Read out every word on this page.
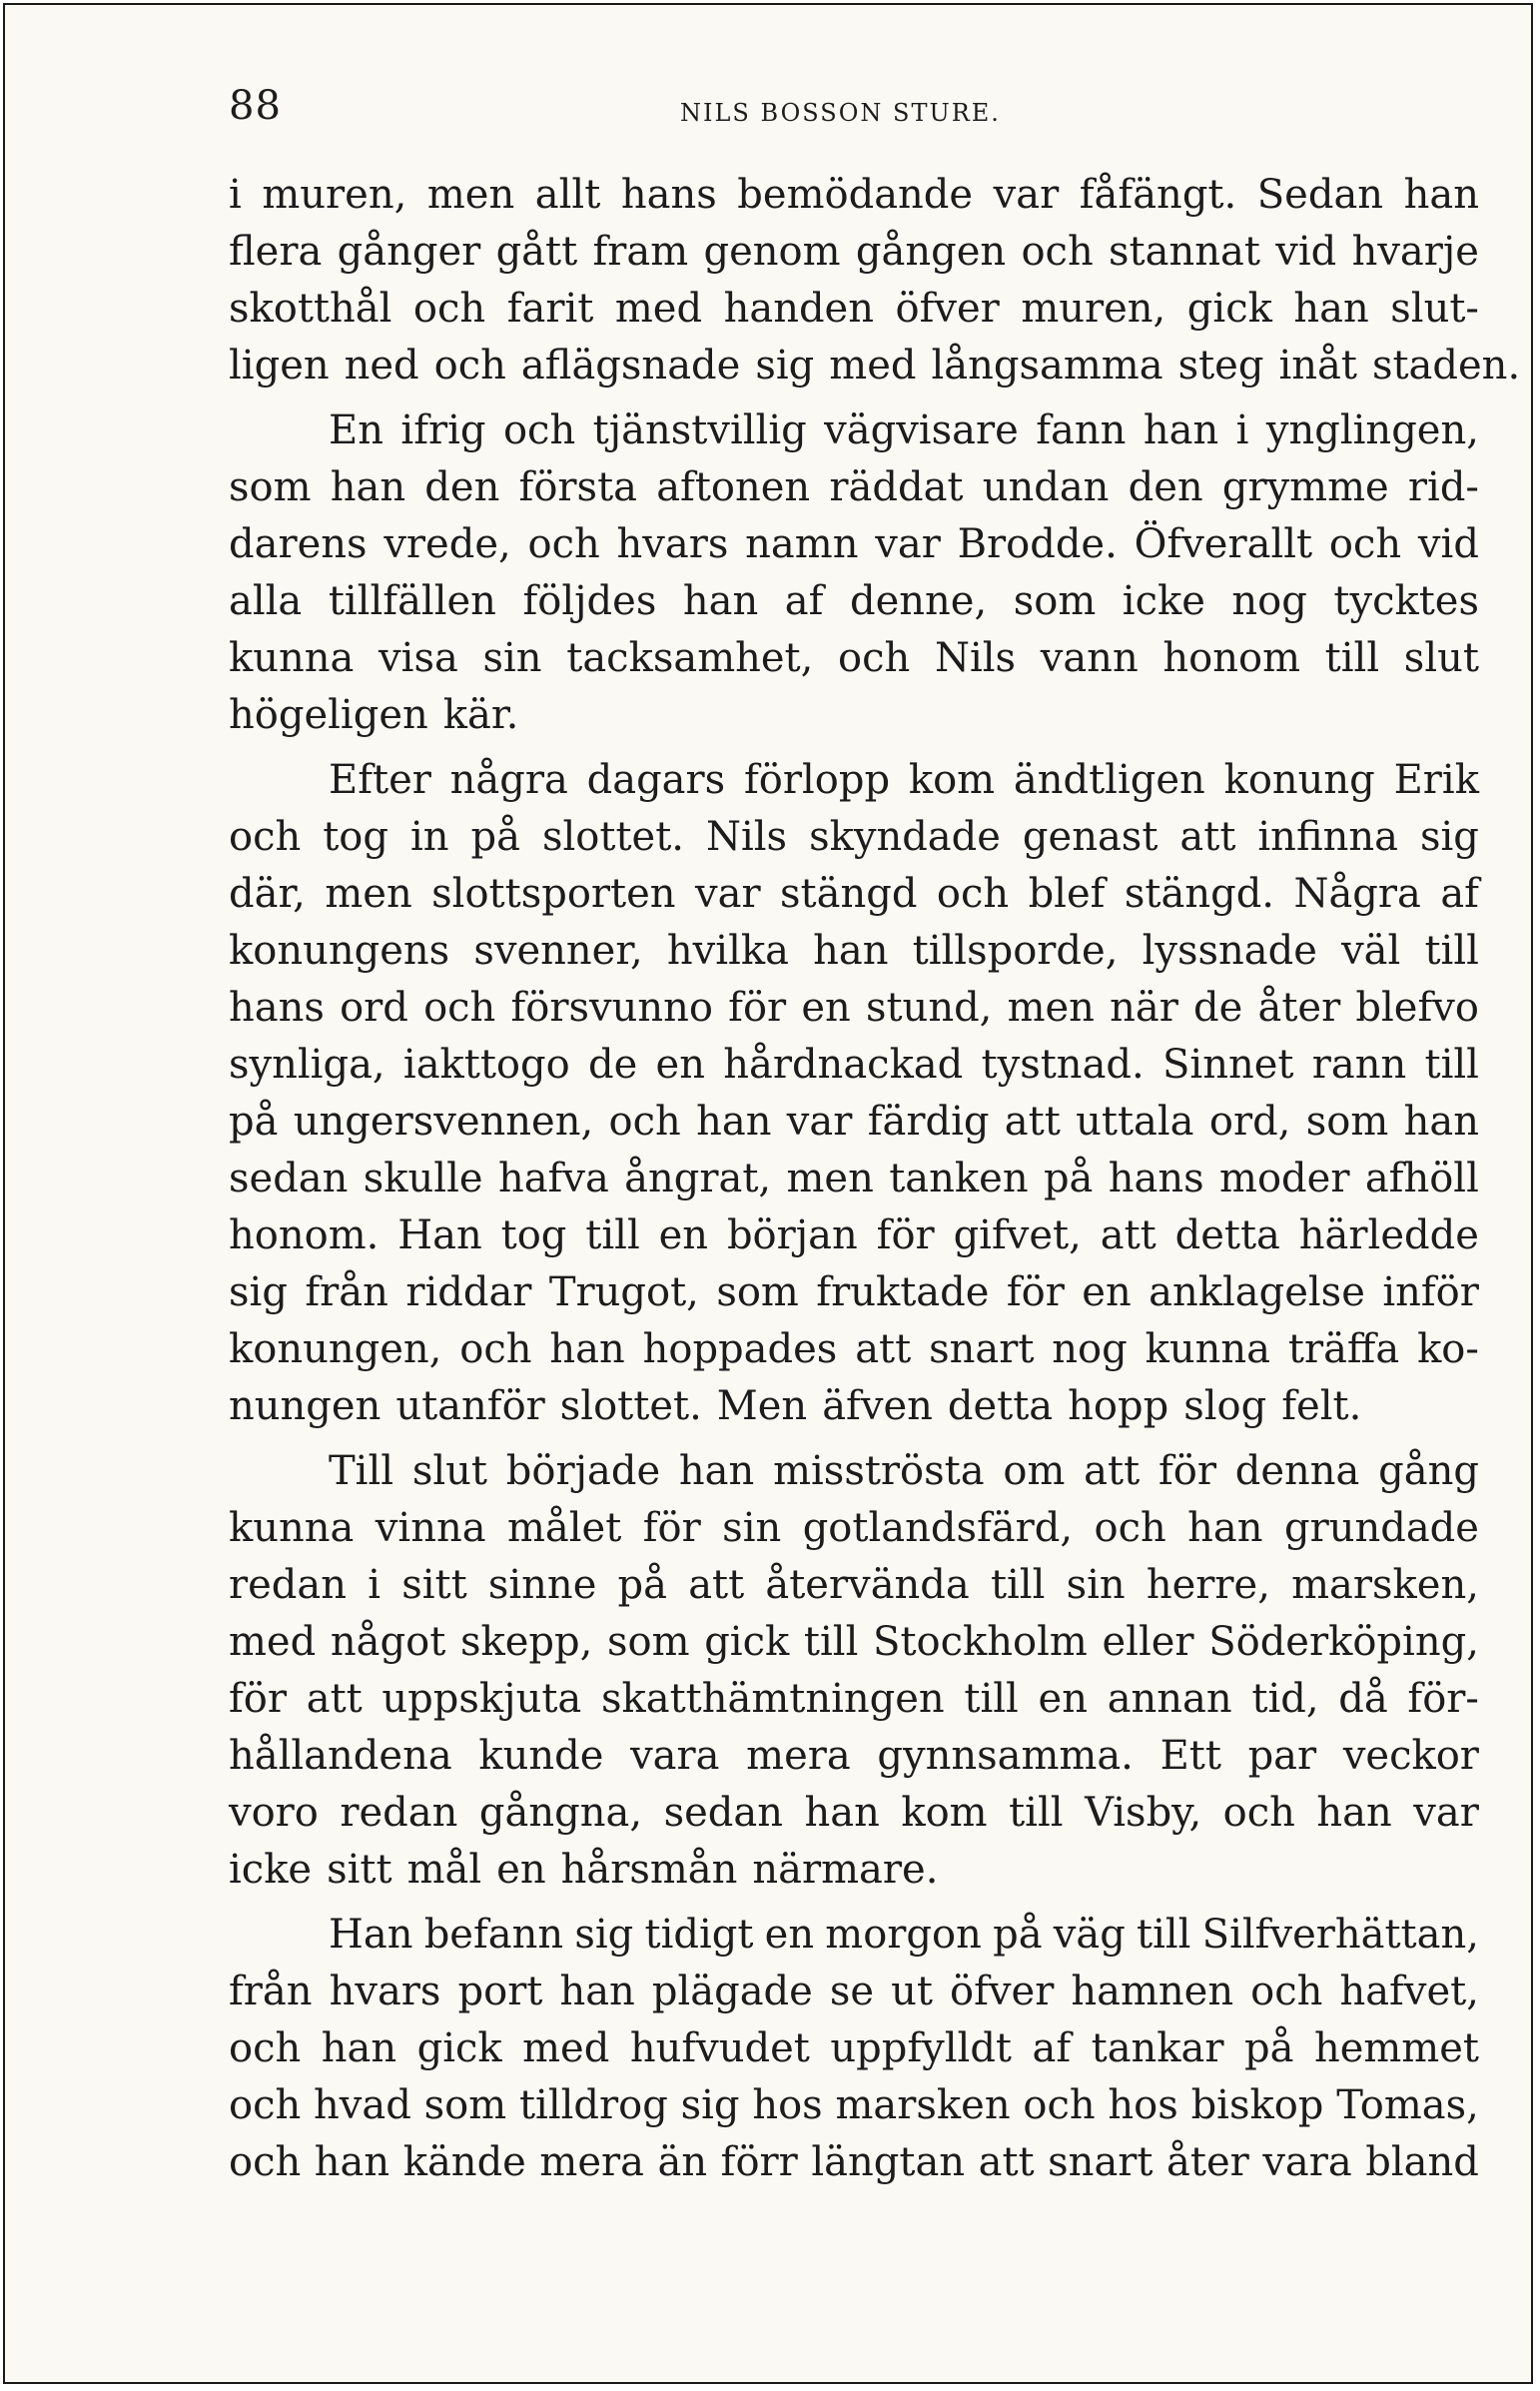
88	NILS BOSSON STURE.
i muren, men allt hans bemödande var fåfängt. Sedan han
flera gånger gått fram genom gången och stannat vid hvarje
skotthål och farit med handen öfver muren, gick han slut-
ligen ned och aflägsnade sig med långsamma steg inåt staden.
En ifrig och tjänstvillig vägvisare fann han i ynglingen,
som han den första aftonen räddat undan den grymme rid-
darens vrede, och hvars namn var Brodde. Öfverallt och vid
alla tillfällen följdes han af denne, som icke nog tycktes
kunna visa sin tacksamhet, och Nils vann honom till slut
högeligen kär.
Efter några dagars förlopp kom ändtligen konung Erik
och tog in på slottet. Nils skyndade genast att infinna sig
där, men slottsporten var stängd och blef stängd. Några af
konungens svenner, hvilka han tillsporde, lyssnade väl till
hans ord och försvunno för en stund, men när de åter blefvo
synliga, iakttogo de en hårdnackad tystnad. Sinnet rann till
på ungersvennen, och han var färdig att uttala ord, som han
sedan skulle hafva ångrat, men tanken på hans moder afhöll
honom. Han tog till en början för gifvet, att detta härledde
sig från riddar Trugot, som fruktade för en anklagelse inför
konungen, och han hoppades att snart nog kunna träffa ko-
nungen utanför slottet. Men äfven detta hopp slog felt.
Till slut började han misströsta om att för denna gång
kunna vinna målet för sin gotlandsfärd, och han grundade
redan i sitt sinne på att återvända till sin herre, marsken,
med något skepp, som gick till Stockholm eller Söderköping,
för att uppskjuta skatthämtningen till en annan tid, då för-
hållandena kunde vara mera gynnsamma. Ett par veckor
voro redan gångna, sedan han kom till Visby, och han var
icke sitt mål en hårsmån närmare.
Han befann sig tidigt en morgon på väg till Silfverhättan,
från hvars port han plägade se ut öfver hamnen och hafvet,
och han gick med hufvudet uppfylldt af tankar på hemmet
och hvad som tilldrog sig hos marsken och hos biskop Tomas,
och han kände mera än förr längtan att snart åter vara bland
